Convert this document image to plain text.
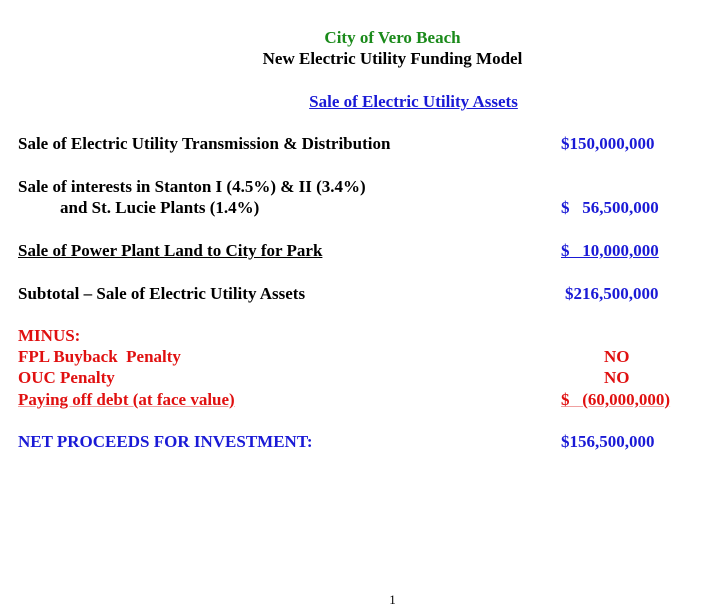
City of Vero Beach
New Electric Utility Funding Model
Sale of Electric Utility Assets
Sale of Electric Utility Transmission & Distribution	$150,000,000
Sale of interests in Stanton I (4.5%) & II (3.4%)
and St. Lucie Plants (1.4%)	$   56,500,000
Sale of Power Plant Land to City for Park	$   10,000,000
Subtotal – Sale of Electric Utility Assets	$216,500,000
MINUS:
FPL Buyback  Penalty	NO
OUC Penalty	NO
Paying off debt (at face value)	$   (60,000,000)
NET PROCEEDS FOR INVESTMENT:	$156,500,000
1
